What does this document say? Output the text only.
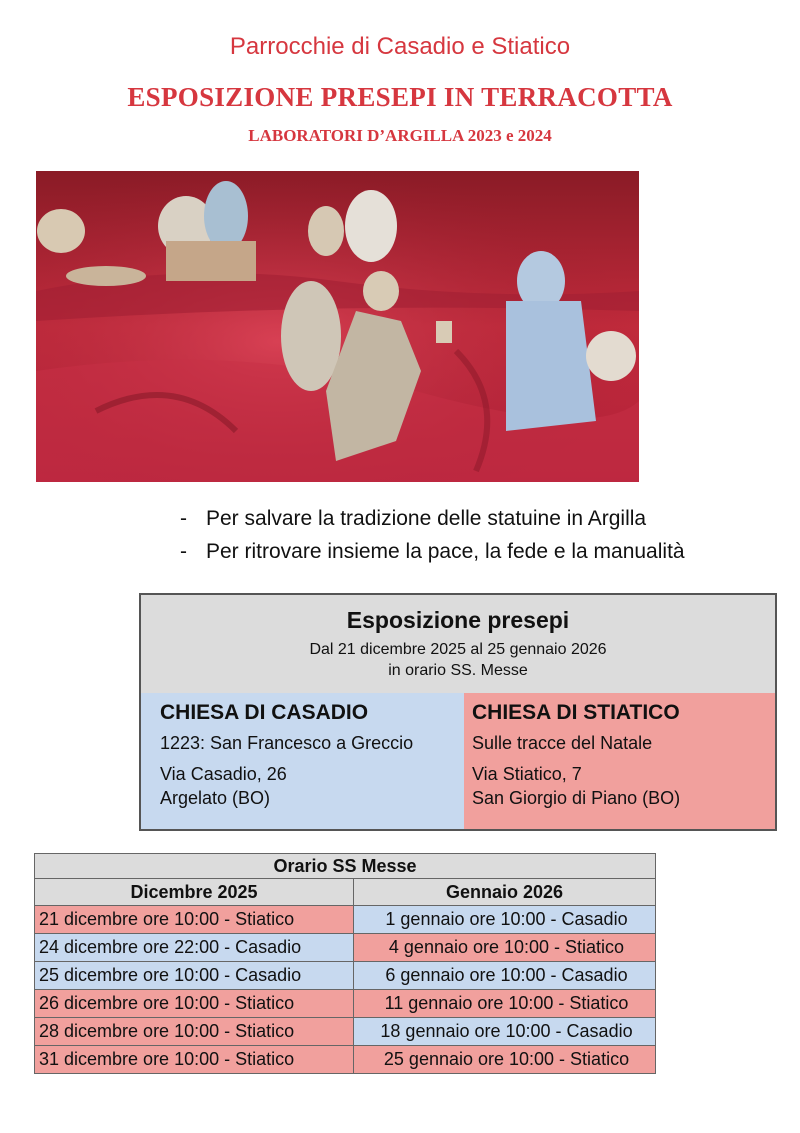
Parrocchie di Casadio e Stiatico
ESPOSIZIONE PRESEPI IN TERRACOTTA
LABORATORI D’ARGILLA 2023 e 2024
- Per salvare la tradizione delle statuine in Argilla
- Per ritrovare insieme la pace, la fede e la manualità
Esposizione presepi
Dal 21 dicembre 2025 al 25 gennaio 2026
in orario SS. Messe
CHIESA DI CASADIO
1223: San Francesco a Greccio
Via Casadio, 26
Argelato (BO)
CHIESA DI STIATICO
Sulle tracce del Natale
Via Stiatico, 7
San Giorgio di Piano (BO)
Orario SS Messe	
Dicembre 2025	Gennaio 2026
21 dicembre ore 10:00 - Stiatico	1 gennaio ore 10:00 - Casadio
24 dicembre ore 22:00 - Casadio	4 gennaio ore 10:00 - Stiatico
25 dicembre ore 10:00 - Casadio	6 gennaio ore 10:00 - Casadio
26 dicembre ore 10:00 - Stiatico	11 gennaio ore 10:00 - Stiatico
28 dicembre ore 10:00 - Stiatico	18 gennaio ore 10:00 - Casadio
31 dicembre ore 10:00 - Stiatico	25 gennaio ore 10:00 - Stiatico
